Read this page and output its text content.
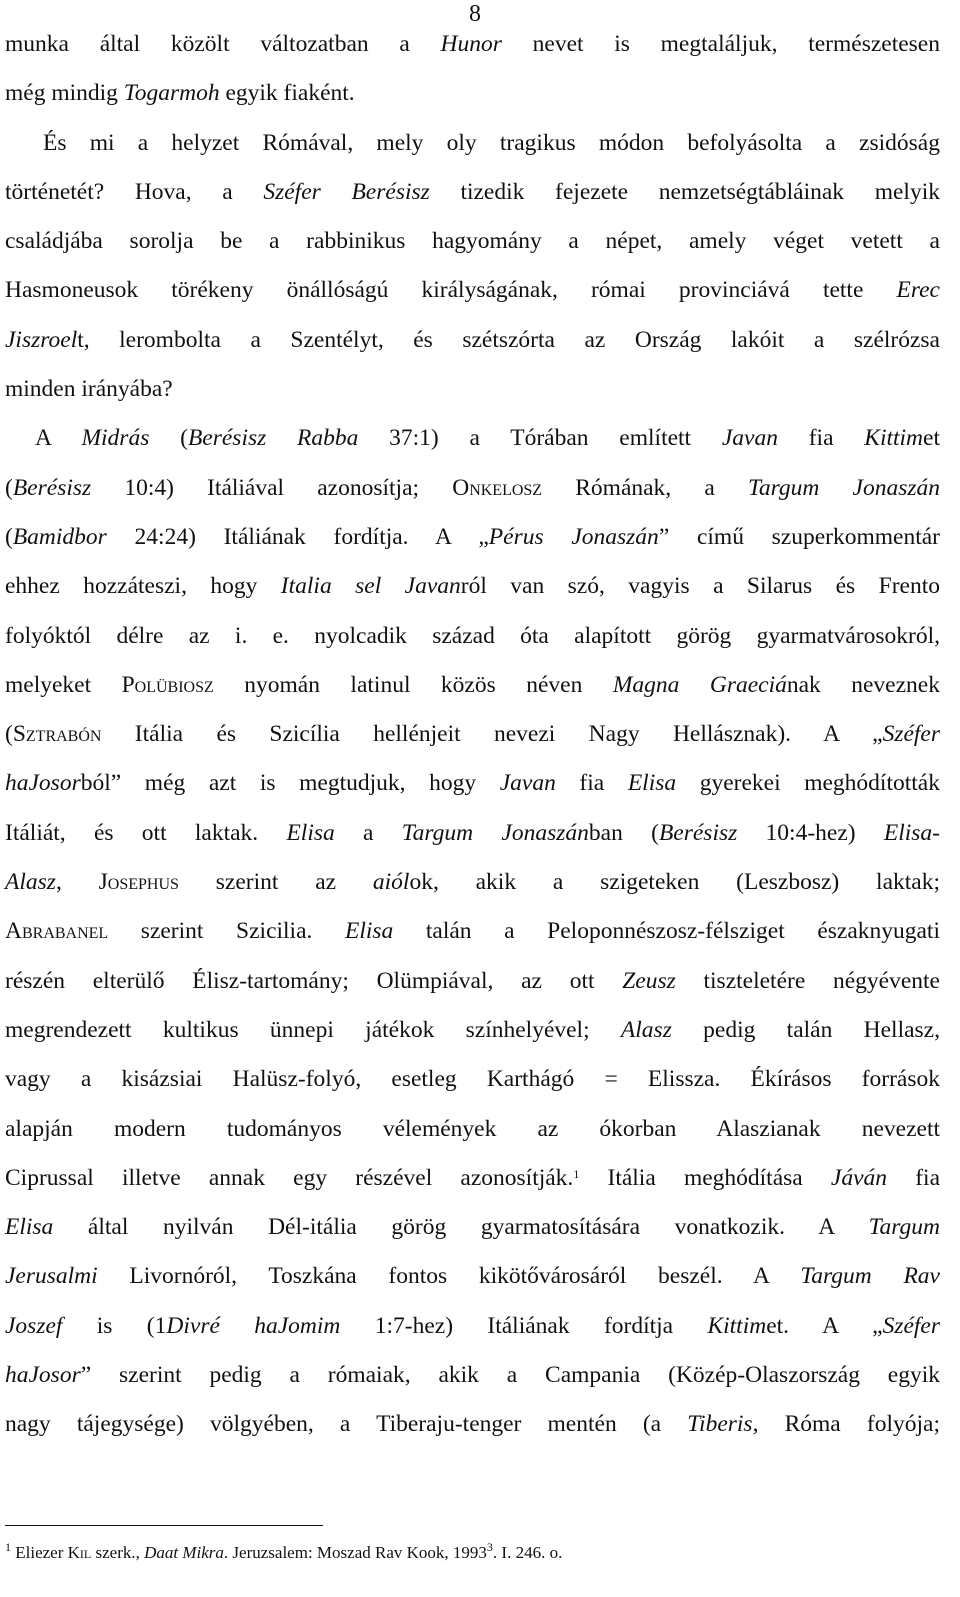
8
munka által közölt változatban a Hunor nevet is megtaláljuk, természetesen
még mindig Togarmoh egyik fiaként.
És mi a helyzet Rómával, mely oly tragikus módon befolyásolta a zsidóság
történetét? Hova, a Széfer Berésisz tizedik fejezete nemzetségtábláinak melyik
családjába sorolja be a rabbinikus hagyomány a népet, amely véget vetett a
Hasmoneusok törékeny önállóságú királyságának, római provinciává tette Erec
Jiszroelt, lerombolta a Szentélyt, és szétszórta az Ország lakóit a szélrózsa
minden irányába?
A Midrás (Berésisz Rabba 37:1) a Tórában említett Javan fia Kittimet
(Berésisz 10:4) Itáliával azonosítja; Onkelosz Rómának, a Targum Jonaszán
(Bamidbor 24:24) Itáliának fordítja. A „Pérus Jonaszán” című szuperkommentár
ehhez hozzáteszi, hogy Italia sel Javanról van szó, vagyis a Silarus és Frento
folyóktól délre az i. e. nyolcadik század óta alapított görög gyarmatvárosokról,
melyeket Polübiosz nyomán latinul közös néven Magna Graeciának neveznek
(Sztrabón Itália és Szicília hellénjeit nevezi Nagy Hellásznak). A „Széfer
haJosorból” még azt is megtudjuk, hogy Javan fia Elisa gyerekei meghódították
Itáliát, és ott laktak. Elisa a Targum Jonaszánban (Berésisz 10:4-hez) Elisa-
Alasz, Josephus szerint az aiólok, akik a szigeteken (Leszbosz) laktak;
Abrabanel szerint Szicilia. Elisa talán a Peloponnészosz-félsziget északnyugati
részén elterülő Élisz-tartomány; Olümpiával, az ott Zeusz tiszteletére négyévente
megrendezett kultikus ünnepi játékok színhelyével; Alasz pedig talán Hellasz,
vagy a kisázsiai Halüsz-folyó, esetleg Karthágó = Elissza. Ékírásos források
alapján modern tudományos vélemények az ókorban Alaszianak nevezett
Ciprussal illetve annak egy részével azonosítják.$^1$ Itália meghódítása Jáván fia
Elisa által nyilván Dél-itália görög gyarmatosítására vonatkozik. A Targum
Jerusalmi Livornóról, Toszkána fontos kikötővárosáról beszél. A Targum Rav
Joszef is (1Divré haJomim 1:7-hez) Itáliának fordítja Kittimet. A „Széfer
haJosor” szerint pedig a rómaiak, akik a Campania (Közép-Olaszország egyik
nagy tájegysége) völgyében, a Tiberaju-tenger mentén (a Tiberis, Róma folyója;
$^1$ Eliezer Kil szerk., Daat Mikra. Jeruzsalem: Moszad Rav Kook, 1993$^3$. I. 246. o.
